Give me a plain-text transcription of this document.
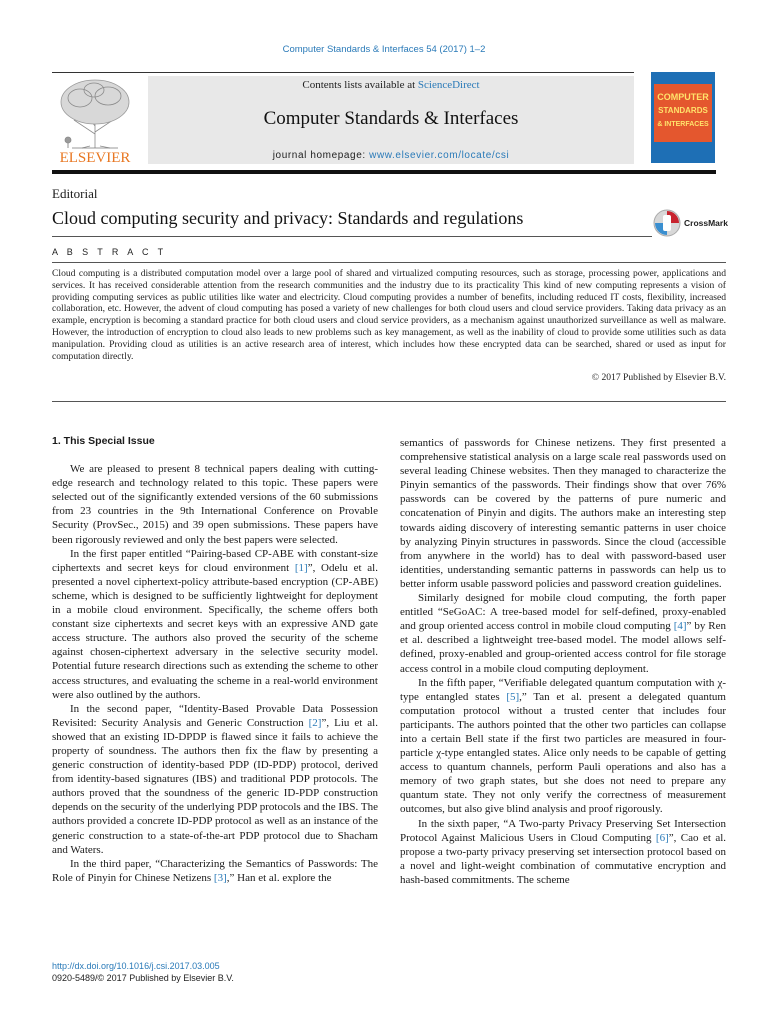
Computer Standards & Interfaces 54 (2017) 1–2
ELSEVIER
Contents lists available at ScienceDirect
Computer Standards & Interfaces
journal homepage: www.elsevier.com/locate/csi
COMPUTER
STANDARDS
& INTERFACES
Editorial
Cloud computing security and privacy: Standards and regulations	CrossMark
A B S T R A C T
Cloud computing is a distributed computation model over a large pool of shared and virtualized computing resources, such as storage, processing power, applications and services. It has received considerable attention from the research communities and the industry due to its practicality This kind of new computing represents a vision of providing computing services as public utilities like water and electricity. Cloud computing provides a number of benefits, including reduced IT costs, flexibility, increased collaboration, etc. However, the advent of cloud computing has posed a variety of new challenges for both cloud users and cloud service providers. Taking data privacy as an example, encryption is becoming a standard practice for both cloud users and cloud service providers, as a mechanism against unauthorized surveillance as well as malware. However, the introduction of encryption to cloud also leads to new problems such as key management, as well as the inability of cloud to provide some utilities such as data manipulation. Providing cloud as utilities is an active research area of interest, which includes how these encrypted data can be searched, shared or used as input for computation directly.
© 2017 Published by Elsevier B.V.
1. This Special Issue

We are pleased to present 8 technical papers dealing with cutting-edge research and technology related to this topic. These papers were selected out of the significantly extended versions of the 60 submissions from 23 countries in the 9th International Conference on Provable Security (ProvSec., 2015) and 39 open submissions. These papers have been rigorously reviewed and only the best papers were selected.

In the first paper entitled “Pairing-based CP-ABE with constant-size ciphertexts and secret keys for cloud environment [1]”, Odelu et al. presented a novel ciphertext-policy attribute-based encryption (CP-ABE) scheme, which is designed to be sufficiently lightweight for deployment in a mobile cloud environment. Specifically, the scheme offers both constant size ciphertexts and secret keys with an expressive AND gate access structure. The authors also proved the security of the scheme against chosen-ciphertext adversary in the selective security model. Potential future research directions such as extending the scheme to other access structures, and evaluating the scheme in a real-world environment were also outlined by the authors.

In the second paper, “Identity-Based Provable Data Possession Revisited: Security Analysis and Generic Construction [2]”, Liu et al. showed that an existing ID-DPDP is flawed since it fails to achieve the property of soundness. The authors then fix the flaw by presenting a generic construction of identity-based PDP (ID-PDP) protocol, derived from identity-based signatures (IBS) and traditional PDP protocols. The authors proved that the soundness of the generic ID-PDP construction depends on the security of the underlying PDP protocols and the IBS. The authors provided a concrete ID-PDP protocol as well as an instance of the generic construction to a state-of-the-art PDP protocol due to Shacham and Waters.

In the third paper, “Characterizing the Semantics of Passwords: The Role of Pinyin for Chinese Netizens [3],” Han et al. explore the

semantics of passwords for Chinese netizens. They first presented a comprehensive statistical analysis on a large scale real passwords used on several leading Chinese websites. Then they managed to characterize the Pinyin semantics of the passwords. Their findings show that over 76% passwords can be covered by the patterns of pure numeric and concatenation of Pinyin and digits. The authors make an interesting step towards aiding discovery of interesting semantic patterns in user choice by analyzing Pinyin structures in passwords. Since the cloud (accessible from anywhere in the world) has to deal with password-based user identities, understanding semantic patterns in passwords can help us to better inform usable password policies and password creation guidelines.

Similarly designed for mobile cloud computing, the forth paper entitled “SeGoAC: A tree-based model for self-defined, proxy-enabled and group oriented access control in mobile cloud computing [4]” by Ren et al. described a lightweight tree-based model. The model allows self-defined, proxy-enabled and group-oriented access control for file storage access control in a mobile cloud computing deployment.

In the fifth paper, “Verifiable delegated quantum computation with χ-type entangled states [5],” Tan et al. present a delegated quantum computation protocol without a trusted center that includes four participants. The authors pointed that the other two particles can collapse into a certain Bell state if the first two particles are measured in four-particle χ-type entangled states. Alice only needs to be capable of getting access to quantum channels, perform Pauli operations and also has a memory of two graph states, but she does not need to prepare any quantum state. They not only verify the correctness of measurement outcomes, but also give blind analysis and proof rigorously.

In the sixth paper, “A Two-party Privacy Preserving Set Intersection Protocol Against Malicious Users in Cloud Computing [6]”, Cao et al. propose a two-party privacy preserving set intersection protocol based on a novel and light-weight combination of commutative encryption and hash-based commitments. The scheme

http://dx.doi.org/10.1016/j.csi.2017.03.005
0920-5489/© 2017 Published by Elsevier B.V.
